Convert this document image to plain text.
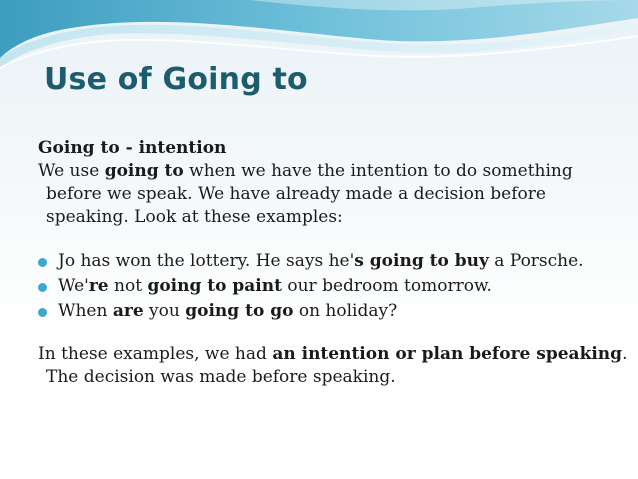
Use of Going to

Going to - intention

We use going to when we have the intention to do something before we speak. We have already made a decision before speaking. Look at these examples:

Jo has won the lottery. He says he's going to buy a Porsche.
We're not going to paint our bedroom tomorrow.
When are you going to go on holiday?

In these examples, we had an intention or plan before speaking. The decision was made before speaking.
